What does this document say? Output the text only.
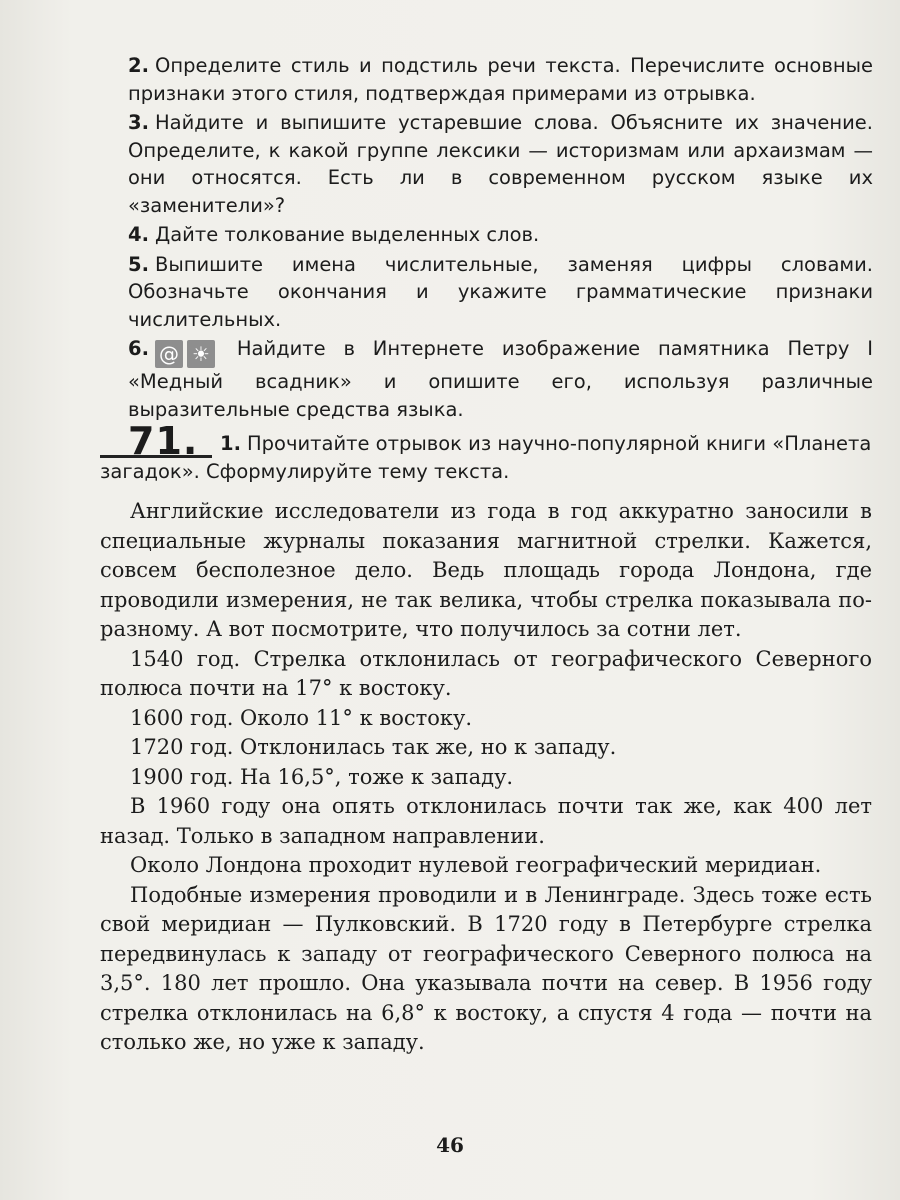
2. Определите стиль и подстиль речи текста. Перечислите основные признаки этого стиля, подтверждая примерами из отрывка.
3. Найдите и выпишите устаревшие слова. Объясните их значение. Определите, к какой группе лексики — историзмам или архаизмам — они относятся. Есть ли в современном русском языке их «заменители»?
4. Дайте толкование выделенных слов.
5. Выпишите имена числительные, заменяя цифры словами. Обозначьте окончания и укажите грамматические признаки числительных.
6. @ ☀ Найдите в Интернете изображение памятника Петру I «Медный всадник» и опишите его, используя различные выразительные средства языка.
71. 1. Прочитайте отрывок из научно-популярной книги «Планета загадок». Сформулируйте тему текста.

Английские исследователи из года в год аккуратно заносили в специальные журналы показания магнитной стрелки. Кажется, совсем бесполезное дело. Ведь площадь города Лондона, где проводили измерения, не так велика, чтобы стрелка показывала по-разному. А вот посмотрите, что получилось за сотни лет.

1540 год. Стрелка отклонилась от географического Северного полюса почти на 17° к востоку.

1600 год. Около 11° к востоку.

1720 год. Отклонилась так же, но к западу.

1900 год. На 16,5°, тоже к западу.

В 1960 году она опять отклонилась почти так же, как 400 лет назад. Только в западном направлении.

Около Лондона проходит нулевой географический меридиан.

Подобные измерения проводили и в Ленинграде. Здесь тоже есть свой меридиан — Пулковский. В 1720 году в Петербурге стрелка передвинулась к западу от географического Северного полюса на 3,5°. 180 лет прошло. Она указывала почти на север. В 1956 году стрелка отклонилась на 6,8° к востоку, а спустя 4 года — почти на столько же, но уже к западу.

46
